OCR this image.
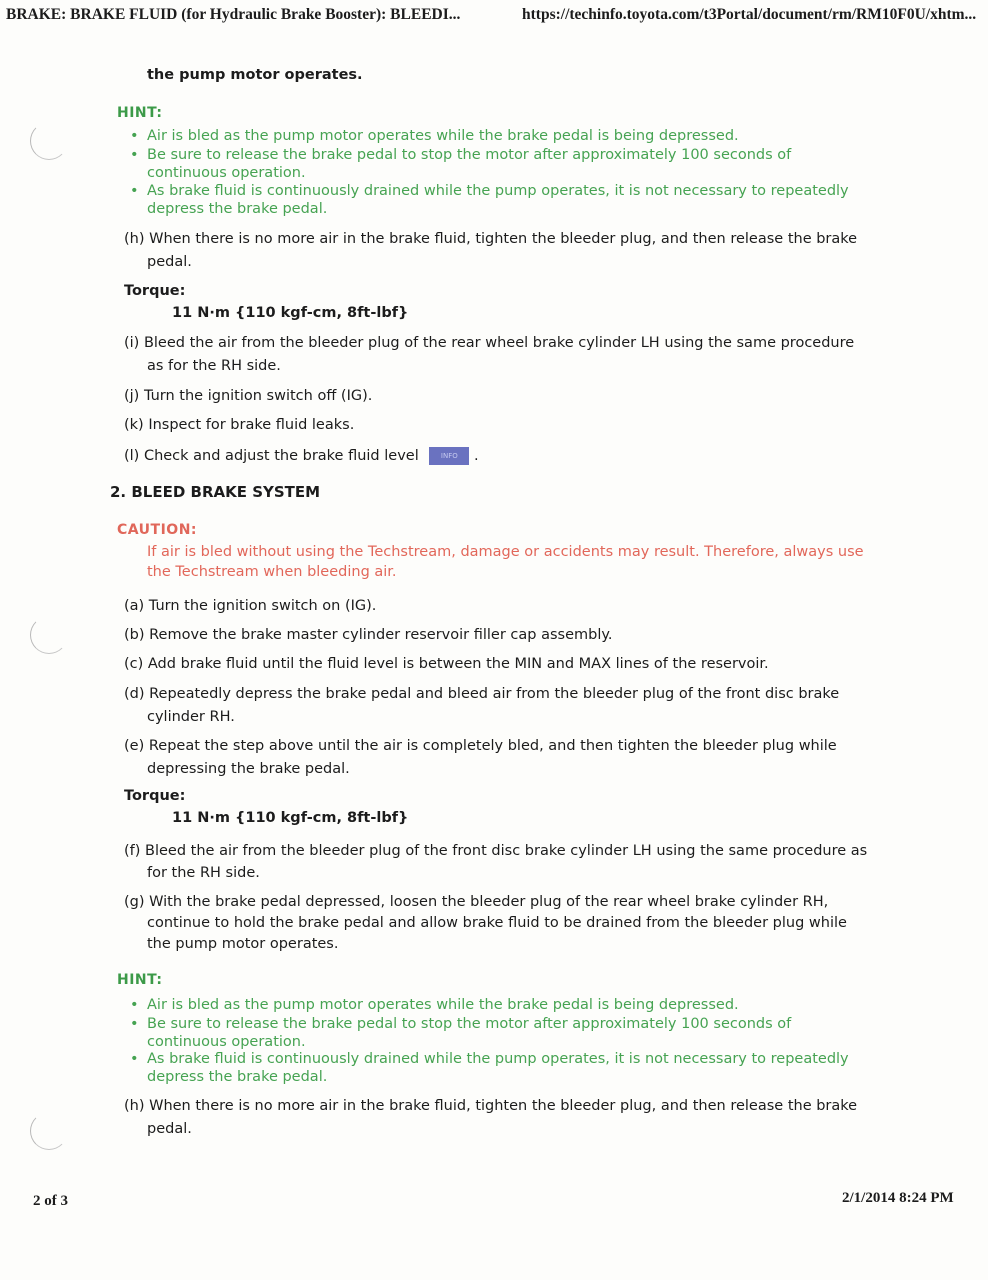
BRAKE: BRAKE FLUID (for Hydraulic Brake Booster): BLEEDI...	https://techinfo.toyota.com/t3Portal/document/rm/RM10F0U/xhtm...
the pump motor operates.
HINT:
• Air is bled as the pump motor operates while the brake pedal is being depressed.
• Be sure to release the brake pedal to stop the motor after approximately 100 seconds of
continuous operation.
• As brake fluid is continuously drained while the pump operates, it is not necessary to repeatedly
depress the brake pedal.
(h) When there is no more air in the brake fluid, tighten the bleeder plug, and then release the brake
pedal.
Torque:
11 N·m {110 kgf-cm, 8ft-lbf}
(i) Bleed the air from the bleeder plug of the rear wheel brake cylinder LH using the same procedure
as for the RH side.
(j) Turn the ignition switch off (IG).
(k) Inspect for brake fluid leaks.
(l) Check and adjust the brake fluid level	INFO .
2. BLEED BRAKE SYSTEM
CAUTION:
If air is bled without using the Techstream, damage or accidents may result. Therefore, always use
the Techstream when bleeding air.
(a) Turn the ignition switch on (IG).
(b) Remove the brake master cylinder reservoir filler cap assembly.
(c) Add brake fluid until the fluid level is between the MIN and MAX lines of the reservoir.
(d) Repeatedly depress the brake pedal and bleed air from the bleeder plug of the front disc brake
cylinder RH.
(e) Repeat the step above until the air is completely bled, and then tighten the bleeder plug while
depressing the brake pedal.
Torque:
11 N·m {110 kgf-cm, 8ft-lbf}
(f) Bleed the air from the bleeder plug of the front disc brake cylinder LH using the same procedure as
for the RH side.
(g) With the brake pedal depressed, loosen the bleeder plug of the rear wheel brake cylinder RH,
continue to hold the brake pedal and allow brake fluid to be drained from the bleeder plug while
the pump motor operates.
HINT:
• Air is bled as the pump motor operates while the brake pedal is being depressed.
• Be sure to release the brake pedal to stop the motor after approximately 100 seconds of
continuous operation.
• As brake fluid is continuously drained while the pump operates, it is not necessary to repeatedly
depress the brake pedal.
(h) When there is no more air in the brake fluid, tighten the bleeder plug, and then release the brake
pedal.
2 of 3	2/1/2014 8:24 PM
